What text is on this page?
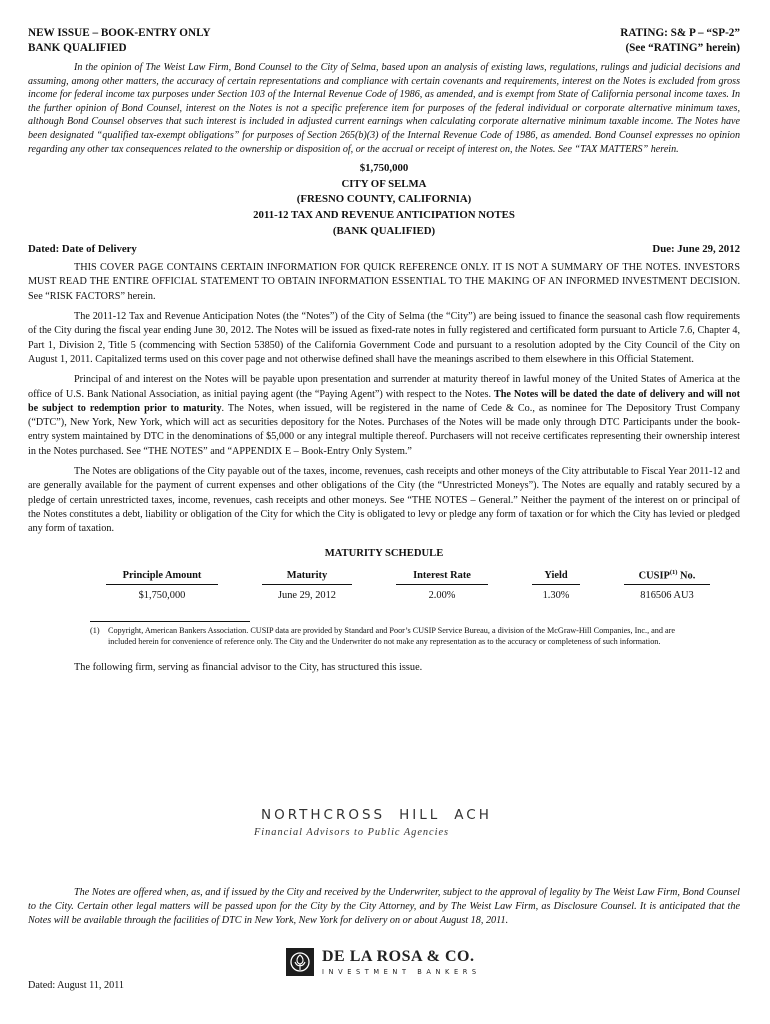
NEW ISSUE – BOOK-ENTRY ONLY
BANK QUALIFIED
RATING: S& P – “SP-2”
(See “RATING” herein)
In the opinion of The Weist Law Firm, Bond Counsel to the City of Selma, based upon an analysis of existing laws, regulations, rulings and judicial decisions and assuming, among other matters, the accuracy of certain representations and compliance with certain covenants and requirements, interest on the Notes is excluded from gross income for federal income tax purposes under Section 103 of the Internal Revenue Code of 1986, as amended, and is exempt from State of California personal income taxes. In the further opinion of Bond Counsel, interest on the Notes is not a specific preference item for purposes of the federal individual or corporate alternative minimum taxes, although Bond Counsel observes that such interest is included in adjusted current earnings when calculating corporate alternative minimum taxable income. The Notes have been designated “qualified tax-exempt obligations” for purposes of Section 265(b)(3) of the Internal Revenue Code of 1986, as amended. Bond Counsel expresses no opinion regarding any other tax consequences related to the ownership or disposition of, or the accrual or receipt of interest on, the Notes. See “TAX MATTERS” herein.
$1,750,000
CITY OF SELMA
(FRESNO COUNTY, CALIFORNIA)
2011-12 TAX AND REVENUE ANTICIPATION NOTES
(BANK QUALIFIED)
Dated: Date of Delivery	Due: June 29, 2012

THIS COVER PAGE CONTAINS CERTAIN INFORMATION FOR QUICK REFERENCE ONLY. IT IS NOT A SUMMARY OF THE NOTES. INVESTORS MUST READ THE ENTIRE OFFICIAL STATEMENT TO OBTAIN INFORMATION ESSENTIAL TO THE MAKING OF AN INFORMED INVESTMENT DECISION. See “RISK FACTORS” herein.

The 2011-12 Tax and Revenue Anticipation Notes (the “Notes”) of the City of Selma (the “City”) are being issued to finance the seasonal cash flow requirements of the City during the fiscal year ending June 30, 2012. The Notes will be issued as fixed-rate notes in fully registered and certificated form pursuant to Article 7.6, Chapter 4, Part 1, Division 2, Title 5 (commencing with Section 53850) of the California Government Code and pursuant to a resolution adopted by the City Council of the City on August 1, 2011. Capitalized terms used on this cover page and not otherwise defined shall have the meanings ascribed to them elsewhere in this Official Statement.

Principal of and interest on the Notes will be payable upon presentation and surrender at maturity thereof in lawful money of the United States of America at the office of U.S. Bank National Association, as initial paying agent (the “Paying Agent”) with respect to the Notes. The Notes will be dated the date of delivery and will not be subject to redemption prior to maturity. The Notes, when issued, will be registered in the name of Cede & Co., as nominee for The Depository Trust Company (“DTC”), New York, New York, which will act as securities depository for the Notes. Purchases of the Notes will be made only through DTC Participants under the book-entry system maintained by DTC in the denominations of $5,000 or any integral multiple thereof. Purchasers will not receive certificates representing their ownership interest in the Notes purchased. See “THE NOTES” and “APPENDIX E – Book-Entry Only System.”

The Notes are obligations of the City payable out of the taxes, income, revenues, cash receipts and other moneys of the City attributable to Fiscal Year 2011-12 and are generally available for the payment of current expenses and other obligations of the City (the “Unrestricted Moneys”). The Notes are equally and ratably secured by a pledge of certain unrestricted taxes, income, revenues, cash receipts and other moneys. See “THE NOTES – General.” Neither the payment of the interest on or principal of the Notes constitutes a debt, liability or obligation of the City for which the City is obligated to levy or pledge any form of taxation or for which the City has levied or pledged any form of taxation.

MATURITY SCHEDULE
Principle Amount		Maturity		Interest Rate		Yield		CUSIP$^{(1)}$ No.
$1,750,000		June 29, 2012		2.00%		1.30%		816506 AU3
(1)	Copyright, American Bankers Association. CUSIP data are provided by Standard and Poor’s CUSIP Service Bureau, a division of the McGraw-Hill Companies, Inc., and are included herein for convenience of reference only. The City and the Underwriter do not make any representation as to the accuracy or completeness of such information.
The following firm, serving as financial advisor to the City, has structured this issue.
NORTHCROSS HILL ACH
Financial Advisors to Public Agencies
The Notes are offered when, as, and if issued by the City and received by the Underwriter, subject to the approval of legality by The Weist Law Firm, Bond Counsel to the City. Certain other legal matters will be passed upon for the City by the City Attorney, and by The Weist Law Firm, as Disclosure Counsel. It is anticipated that the Notes will be available through the facilities of DTC in New York, New York for delivery on or about August 18, 2011.
DE LA ROSA & CO.
INVESTMENT BANKERS
Dated: August 11, 2011
